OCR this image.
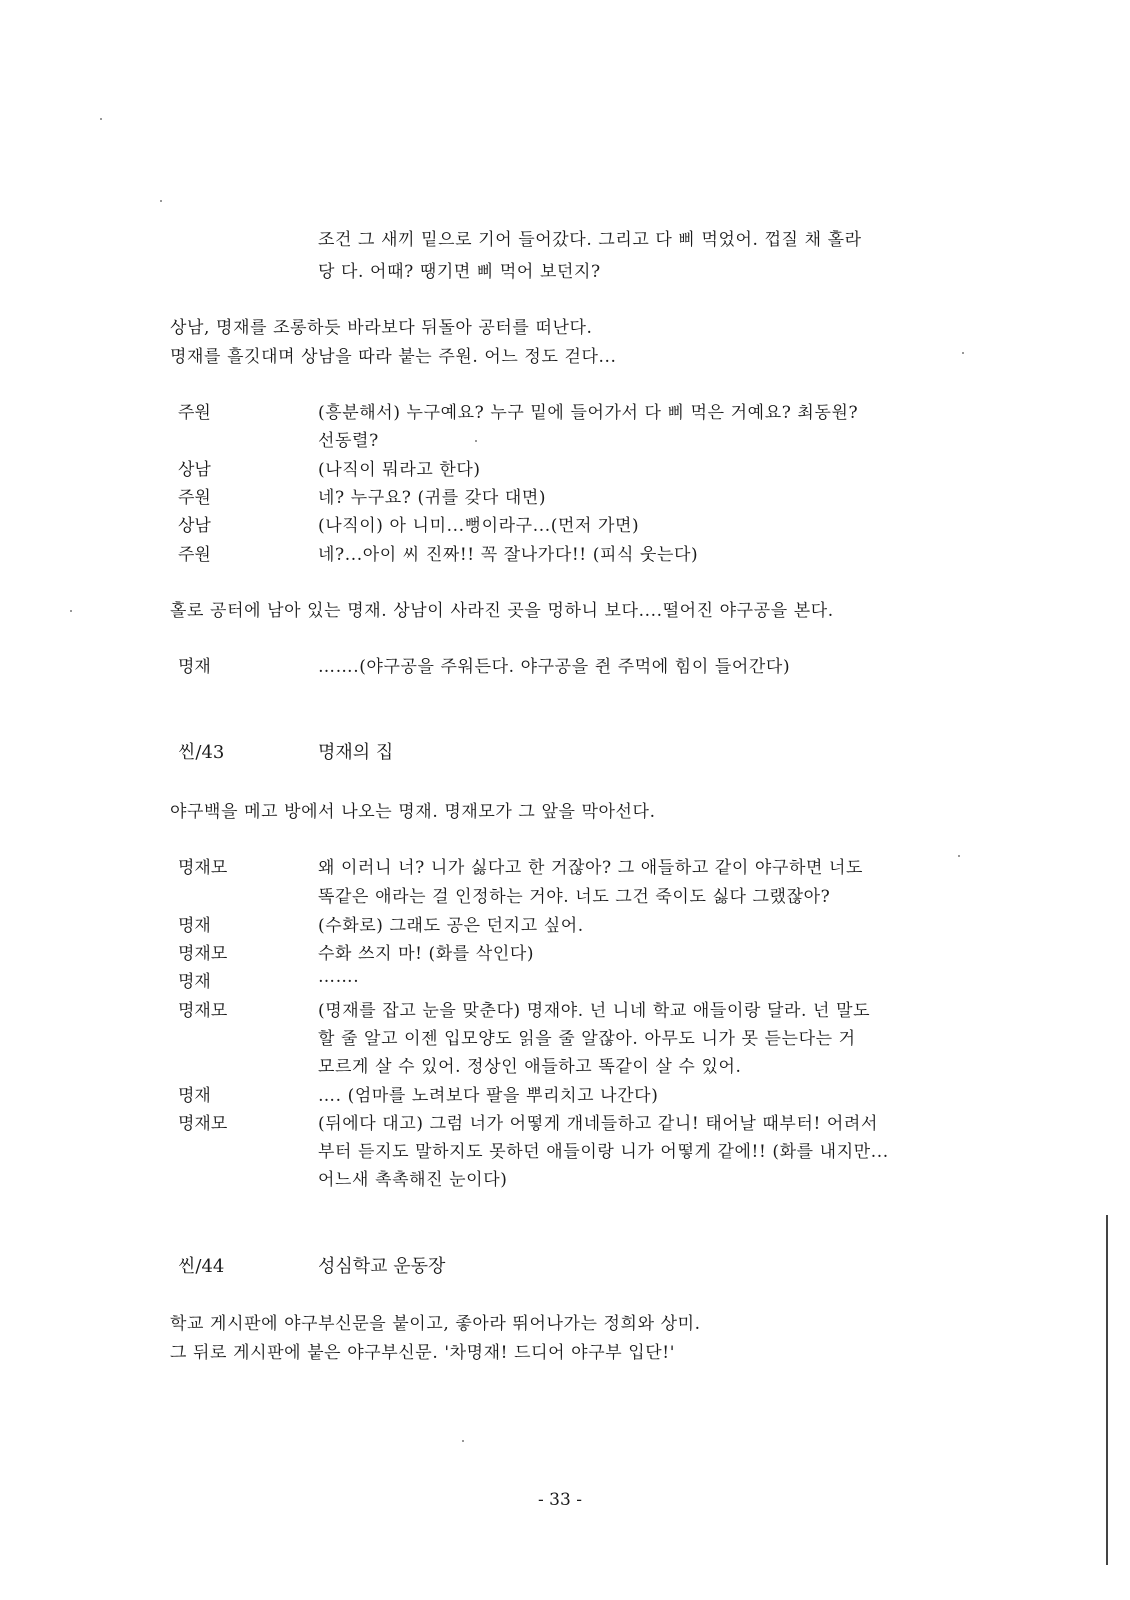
조건 그 새끼 밑으로 기어 들어갔다. 그리고 다 삐 먹었어. 껍질 채 홀라
당 다. 어때? 땡기면 삐 먹어 보던지?
상남, 명재를 조롱하듯 바라보다 뒤돌아 공터를 떠난다.
명재를 흘깃대며 상남을 따라 붙는 주원. 어느 정도 걷다...
주원	(흥분해서) 누구예요? 누구 밑에 들어가서 다 삐 먹은 거예요? 최동원?
선동렬?
상남	(나직이 뭐라고 한다)
주원	네? 누구요? (귀를 갖다 대면)
상남	(나직이) 아 니미...뻥이라구...(먼저 가면)
주원	네?...아이 씨 진짜!! 꼭 잘나가다!! (피식 웃는다)
홀로 공터에 남아 있는 명재. 상남이 사라진 곳을 멍하니 보다....떨어진 야구공을 본다.
명재	…….(야구공을 주워든다. 야구공을 쥔 주먹에 힘이 들어간다)
씬/43	명재의 집
야구백을 메고 방에서 나오는 명재. 명재모가 그 앞을 막아선다.
명재모	왜 이러니 너? 니가 싫다고 한 거잖아? 그 애들하고 같이 야구하면 너도
똑같은 애라는 걸 인정하는 거야. 너도 그건 죽이도 싫다 그랬잖아?
명재	(수화로) 그래도 공은 던지고 싶어.
명재모	수화 쓰지 마! (화를 삭인다)
명재	…….
명재모	(명재를 잡고 눈을 맞춘다) 명재야. 넌 니네 학교 애들이랑 달라. 넌 말도
할 줄 알고 이젠 입모양도 읽을 줄 알잖아. 아무도 니가 못 듣는다는 거
모르게 살 수 있어. 정상인 애들하고 똑같이 살 수 있어.
명재	…. (엄마를 노려보다 팔을 뿌리치고 나간다)
명재모	(뒤에다 대고) 그럼 너가 어떻게 개네들하고 같니! 태어날 때부터! 어려서
부터 듣지도 말하지도 못하던 애들이랑 니가 어떻게 같에!! (화를 내지만...
어느새 촉촉해진 눈이다)
씬/44	성심학교 운동장
학교 게시판에 야구부신문을 붙이고, 좋아라 뛰어나가는 정희와 상미.
그 뒤로 게시판에 붙은 야구부신문. '차명재! 드디어 야구부 입단!'
- 33 -
